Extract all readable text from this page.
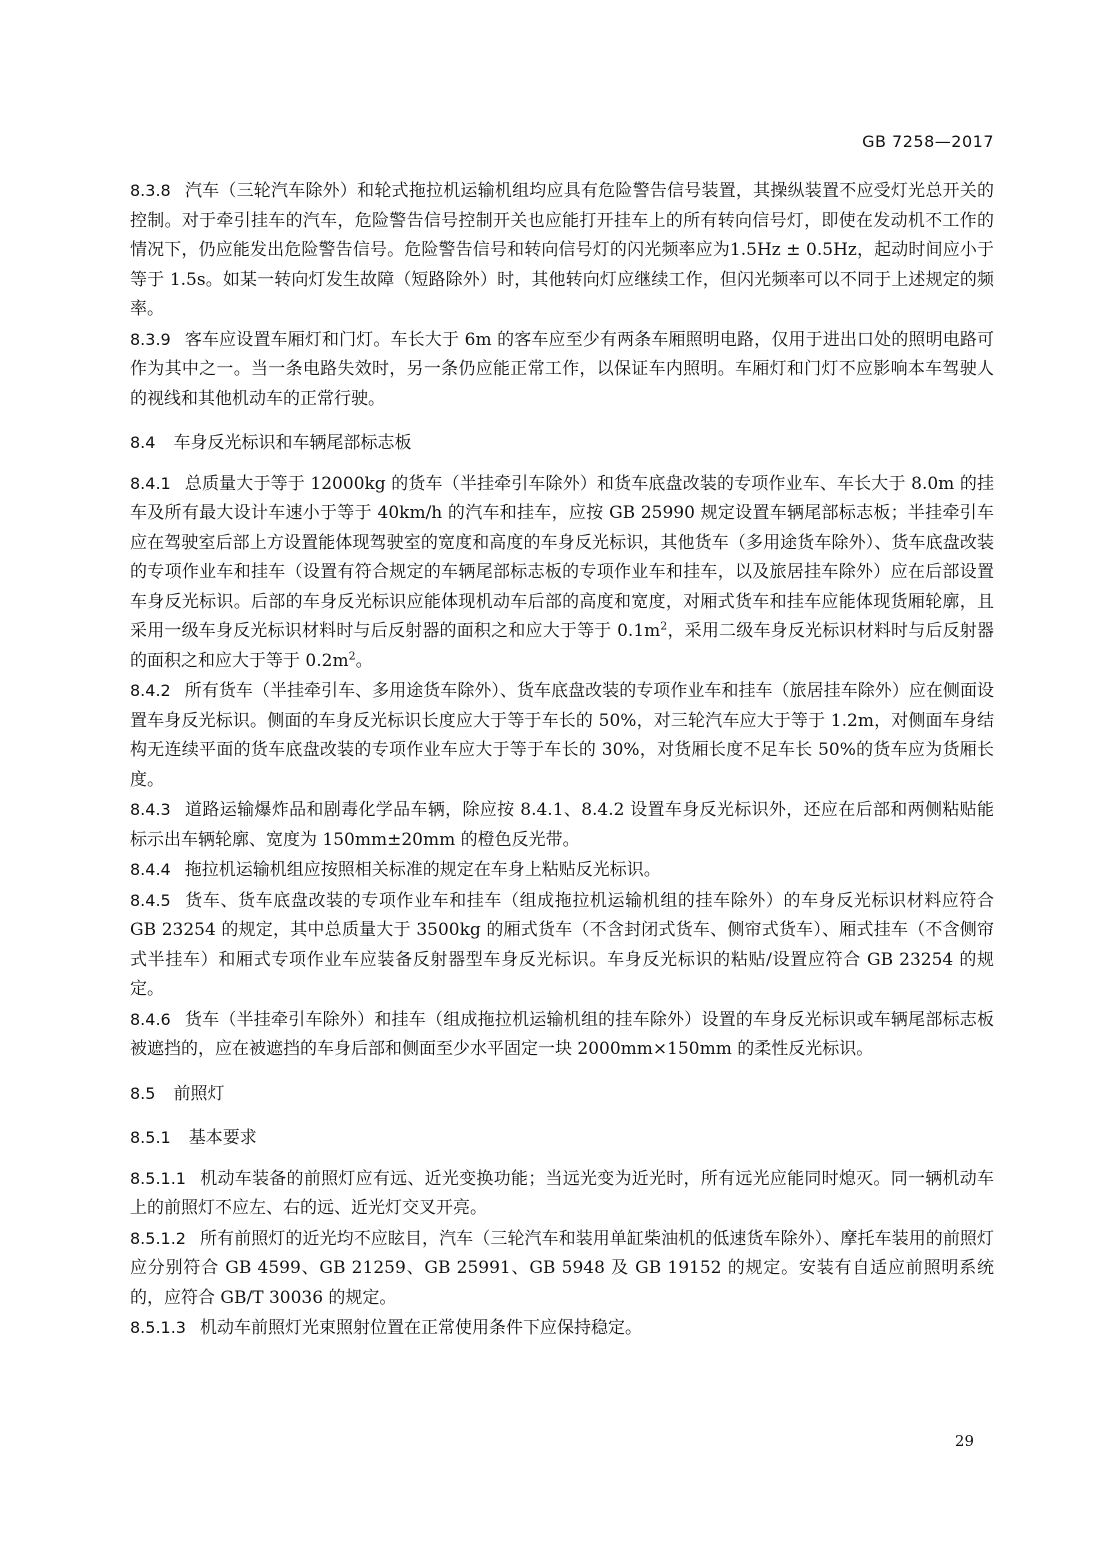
GB 7258—2017

8.3.8 汽车（三轮汽车除外）和轮式拖拉机运输机组均应具有危险警告信号装置，其操纵装置不应受灯光总开关的控制。对于牵引挂车的汽车，危险警告信号控制开关也应能打开挂车上的所有转向信号灯，即使在发动机不工作的情况下，仍应能发出危险警告信号。危险警告信号和转向信号灯的闪光频率应为1.5Hz ± 0.5Hz，起动时间应小于等于 1.5s。如某一转向灯发生故障（短路除外）时，其他转向灯应继续工作，但闪光频率可以不同于上述规定的频率。

8.3.9 客车应设置车厢灯和门灯。车长大于 6m 的客车应至少有两条车厢照明电路，仅用于进出口处的照明电路可作为其中之一。当一条电路失效时，另一条仍应能正常工作，以保证车内照明。车厢灯和门灯不应影响本车驾驶人的视线和其他机动车的正常行驶。

8.4 车身反光标识和车辆尾部标志板

8.4.1 总质量大于等于 12000kg 的货车（半挂牵引车除外）和货车底盘改装的专项作业车、车长大于 8.0m 的挂车及所有最大设计车速小于等于 40km/h 的汽车和挂车，应按 GB 25990 规定设置车辆尾部标志板；半挂牵引车应在驾驶室后部上方设置能体现驾驶室的宽度和高度的车身反光标识，其他货车（多用途货车除外）、货车底盘改装的专项作业车和挂车（设置有符合规定的车辆尾部标志板的专项作业车和挂车，以及旅居挂车除外）应在后部设置车身反光标识。后部的车身反光标识应能体现机动车后部的高度和宽度，对厢式货车和挂车应能体现货厢轮廓，且采用一级车身反光标识材料时与后反射器的面积之和应大于等于 $0.1m^2$，采用二级车身反光标识材料时与后反射器的面积之和应大于等于 $0.2m^2$。

8.4.2 所有货车（半挂牵引车、多用途货车除外）、货车底盘改装的专项作业车和挂车（旅居挂车除外）应在侧面设置车身反光标识。侧面的车身反光标识长度应大于等于车长的 50%，对三轮汽车应大于等于 1.2m，对侧面车身结构无连续平面的货车底盘改装的专项作业车应大于等于车长的 30%，对货厢长度不足车长 50%的货车应为货厢长度。

8.4.3 道路运输爆炸品和剧毒化学品车辆，除应按 8.4.1、8.4.2 设置车身反光标识外，还应在后部和两侧粘贴能标示出车辆轮廓、宽度为 150mm±20mm 的橙色反光带。

8.4.4 拖拉机运输机组应按照相关标准的规定在车身上粘贴反光标识。

8.4.5 货车、货车底盘改装的专项作业车和挂车（组成拖拉机运输机组的挂车除外）的车身反光标识材料应符合 GB 23254 的规定，其中总质量大于 3500kg 的厢式货车（不含封闭式货车、侧帘式货车）、厢式挂车（不含侧帘式半挂车）和厢式专项作业车应装备反射器型车身反光标识。车身反光标识的粘贴/设置应符合 GB 23254 的规定。

8.4.6 货车（半挂牵引车除外）和挂车（组成拖拉机运输机组的挂车除外）设置的车身反光标识或车辆尾部标志板被遮挡的，应在被遮挡的车身后部和侧面至少水平固定一块 2000mm×150mm 的柔性反光标识。

8.5 前照灯
8.5.1 基本要求

8.5.1.1 机动车装备的前照灯应有远、近光变换功能；当远光变为近光时，所有远光应能同时熄灭。同一辆机动车上的前照灯不应左、右的远、近光灯交叉开亮。

8.5.1.2 所有前照灯的近光均不应眩目，汽车（三轮汽车和装用单缸柴油机的低速货车除外）、摩托车装用的前照灯应分别符合 GB 4599、GB 21259、GB 25991、GB 5948 及 GB 19152 的规定。安装有自适应前照明系统的，应符合 GB/T 30036 的规定。

8.5.1.3 机动车前照灯光束照射位置在正常使用条件下应保持稳定。

29
